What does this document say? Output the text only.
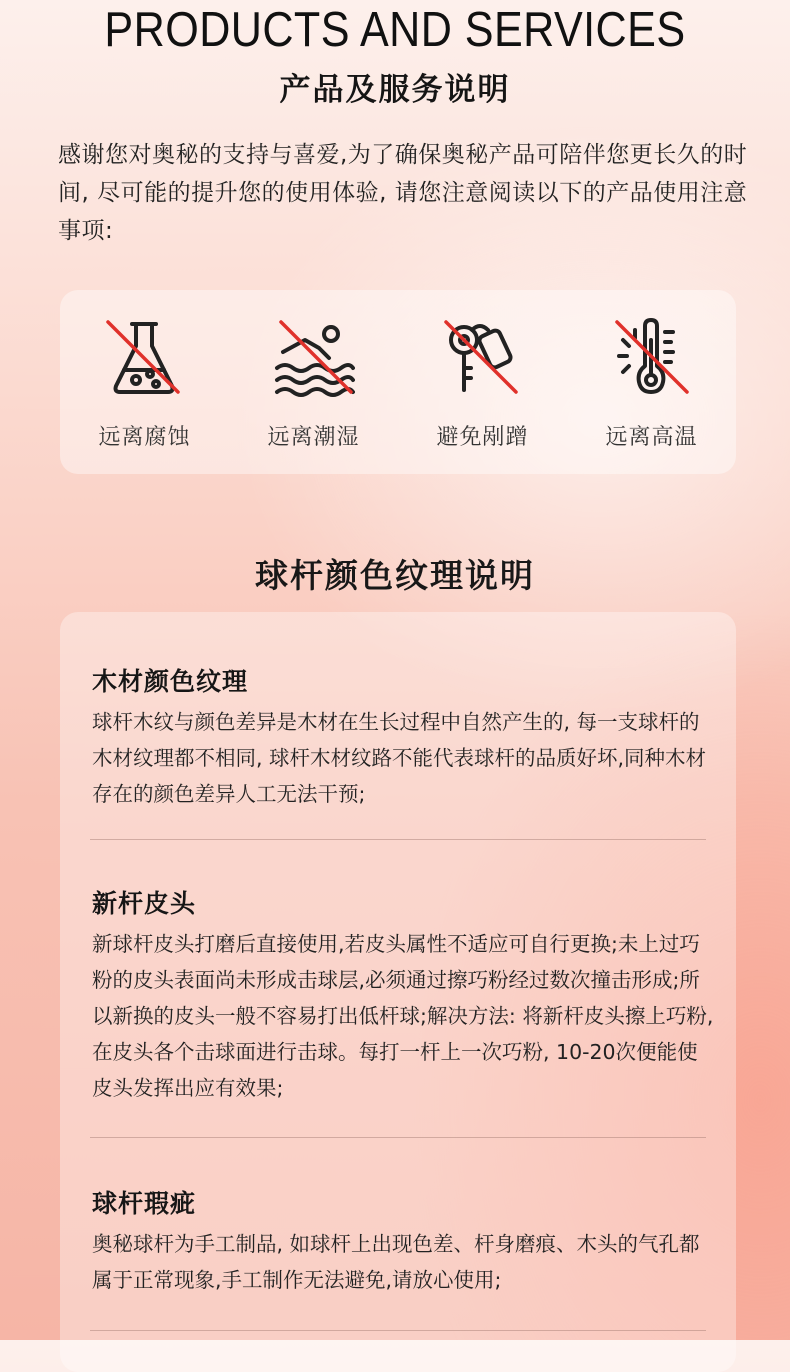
PRODUCTS AND SERVICES
产品及服务说明

感谢您对奥秘的支持与喜爱,为了确保奥秘产品可陪伴您更长久的时间, 尽可能的提升您的使用体验, 请您注意阅读以下的产品使用注意事项:

远离腐蚀	远离潮湿	避免剐蹭	远离高温
球杆颜色纹理说明
木材颜色纹理

球杆木纹与颜色差异是木材在生长过程中自然产生的, 每一支球杆的木材纹理都不相同, 球杆木材纹路不能代表球杆的品质好坏,同种木材存在的颜色差异人工无法干预;

新杆皮头

新球杆皮头打磨后直接使用,若皮头属性不适应可自行更换;未上过巧粉的皮头表面尚未形成击球层,必须通过擦巧粉经过数次撞击形成;所以新换的皮头一般不容易打出低杆球;解决方法: 将新杆皮头擦上巧粉,在皮头各个击球面进行击球。每打一杆上一次巧粉, 10-20次便能使皮头发挥出应有效果;

球杆瑕疵

奥秘球杆为手工制品, 如球杆上出现色差、杆身磨痕、木头的气孔都属于正常现象,手工制作无法避免,请放心使用;
